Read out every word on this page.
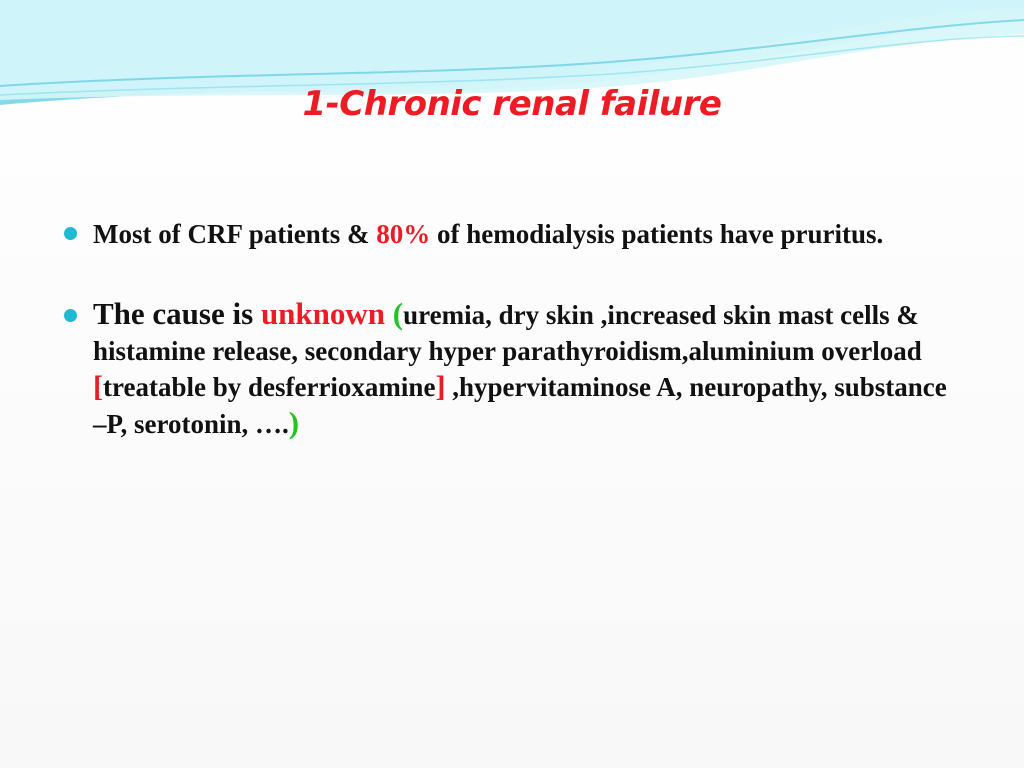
1-Chronic renal failure
Most of CRF patients & 80% of hemodialysis patients have pruritus.
The cause is unknown (uremia, dry skin ,increased skin mast cells & histamine release, secondary hyper parathyroidism,aluminium overload [treatable by desferrioxamine] ,hypervitaminose A, neuropathy, substance –P, serotonin, ….)
